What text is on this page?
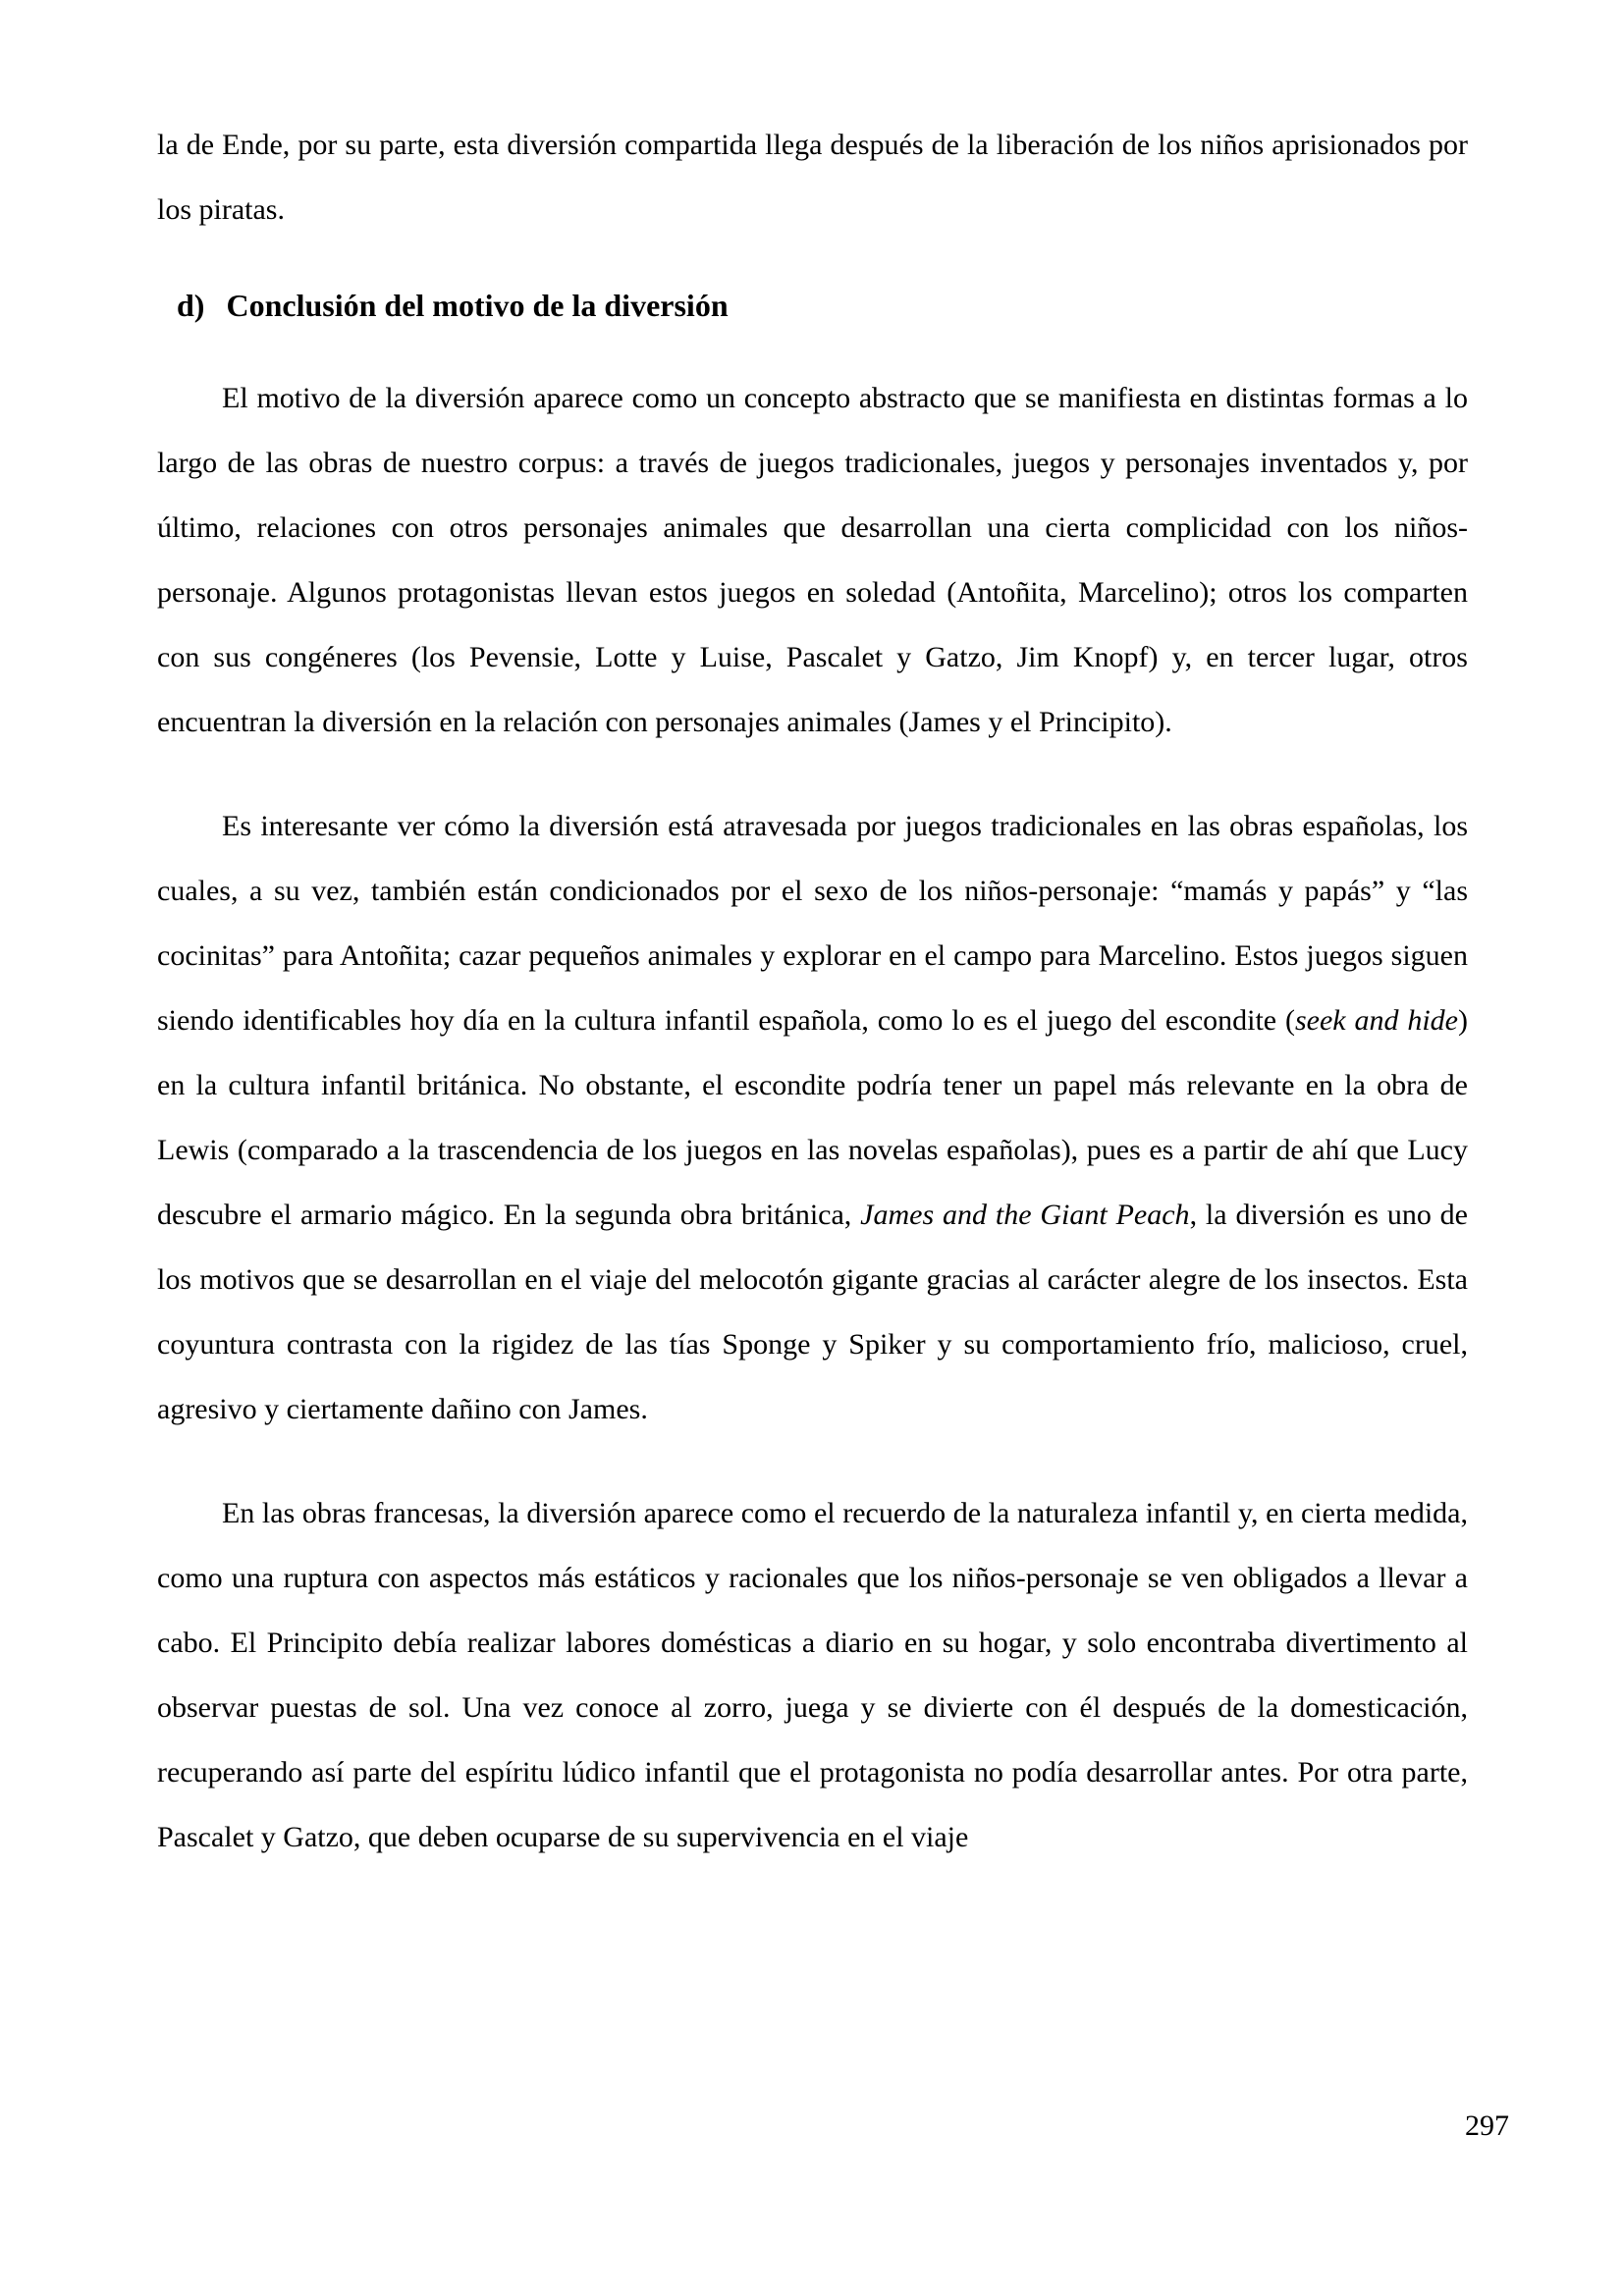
la de Ende, por su parte, esta diversión compartida llega después de la liberación de los niños aprisionados por los piratas.

d) Conclusión del motivo de la diversión

El motivo de la diversión aparece como un concepto abstracto que se manifiesta en distintas formas a lo largo de las obras de nuestro corpus: a través de juegos tradicionales, juegos y personajes inventados y, por último, relaciones con otros personajes animales que desarrollan una cierta complicidad con los niños-personaje. Algunos protagonistas llevan estos juegos en soledad (Antoñita, Marcelino); otros los comparten con sus congéneres (los Pevensie, Lotte y Luise, Pascalet y Gatzo, Jim Knopf) y, en tercer lugar, otros encuentran la diversión en la relación con personajes animales (James y el Principito).

Es interesante ver cómo la diversión está atravesada por juegos tradicionales en las obras españolas, los cuales, a su vez, también están condicionados por el sexo de los niños-personaje: “mamás y papás” y “las cocinitas” para Antoñita; cazar pequeños animales y explorar en el campo para Marcelino. Estos juegos siguen siendo identificables hoy día en la cultura infantil española, como lo es el juego del escondite (seek and hide) en la cultura infantil británica. No obstante, el escondite podría tener un papel más relevante en la obra de Lewis (comparado a la trascendencia de los juegos en las novelas españolas), pues es a partir de ahí que Lucy descubre el armario mágico. En la segunda obra británica, James and the Giant Peach, la diversión es uno de los motivos que se desarrollan en el viaje del melocotón gigante gracias al carácter alegre de los insectos. Esta coyuntura contrasta con la rigidez de las tías Sponge y Spiker y su comportamiento frío, malicioso, cruel, agresivo y ciertamente dañino con James.

En las obras francesas, la diversión aparece como el recuerdo de la naturaleza infantil y, en cierta medida, como una ruptura con aspectos más estáticos y racionales que los niños-personaje se ven obligados a llevar a cabo. El Principito debía realizar labores domésticas a diario en su hogar, y solo encontraba divertimento al observar puestas de sol. Una vez conoce al zorro, juega y se divierte con él después de la domesticación, recuperando así parte del espíritu lúdico infantil que el protagonista no podía desarrollar antes. Por otra parte, Pascalet y Gatzo, que deben ocuparse de su supervivencia en el viaje

297
